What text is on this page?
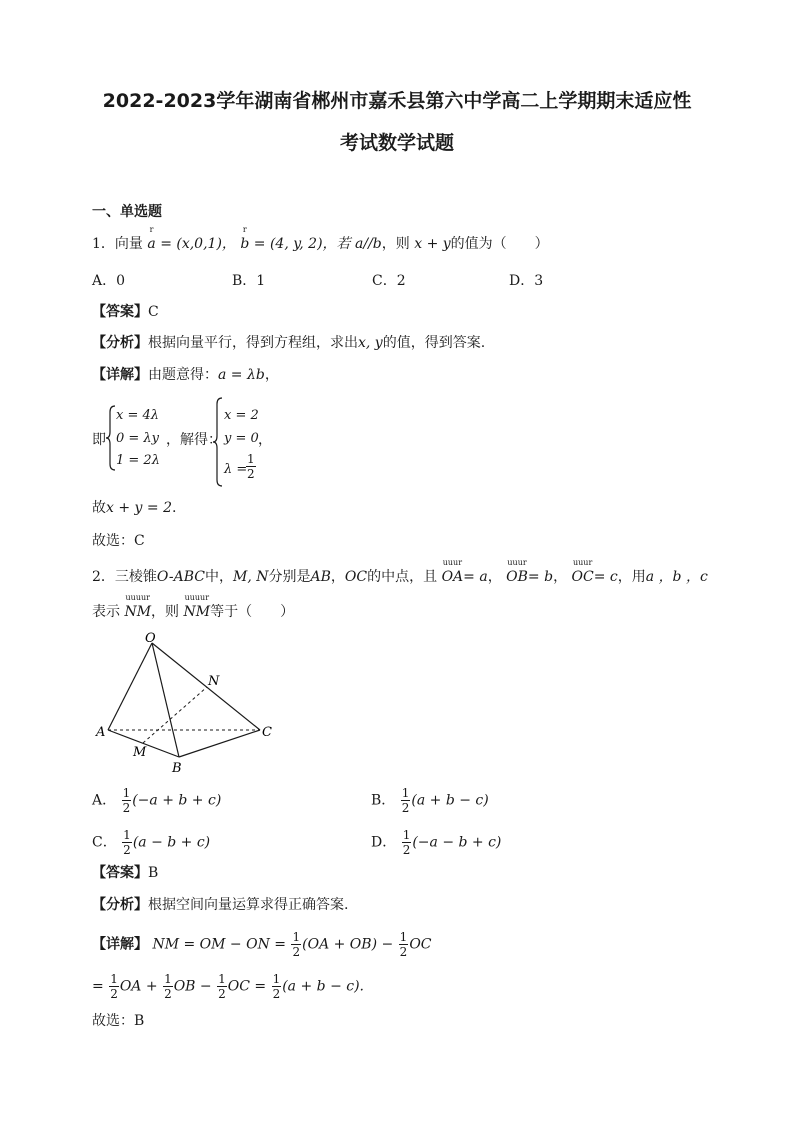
2022-2023学年湖南省郴州市嘉禾县第六中学高二上学期期末适应性
考试数学试题
一、单选题
1．向量
r
a = (x,0,1)，
r
b = (4, y, 2)，若 a//b，则 x + y的值为（　　）
A．0	B．1	C．2	D．3
【答案】C
【分析】根据向量平行，得到方程组，求出x, y的值，得到答案.
【详解】由题意得：a = λb，
即
x = 4λ
0 = λy
1 = 2λ
，解得：
x = 2
y = 0
λ =
$\frac{1}{2}$
，
故x + y = 2.
故选：C
2．三棱锥O-ABC中，M, N分别是AB，OC的中点，且
uuur
OA= a，
uuur
OB= b，
uuur
OC= c，用a ，b ，c
表示
uuuur
NM，则
uuuur
NM等于（　　）
O
A
B
C
M
N
A． $\frac{1}{2} (-a + b + c)$	B． $\frac{1}{2} (a + b - c)$
C． $\frac{1}{2} (a - b + c)$	D． $\frac{1}{2} (-a - b + c)$
【答案】B
【分析】根据空间向量运算求得正确答案.
【详解】 NM = OM − ON = $\frac{1}{2} (OA + OB) - \frac{1}{2}$ OC
= $\frac{1}{2}$ OA + $\frac{1}{2}$ OB − $\frac{1}{2}$ OC = $\frac{1}{2} (a + b - c)$.
故选：B
